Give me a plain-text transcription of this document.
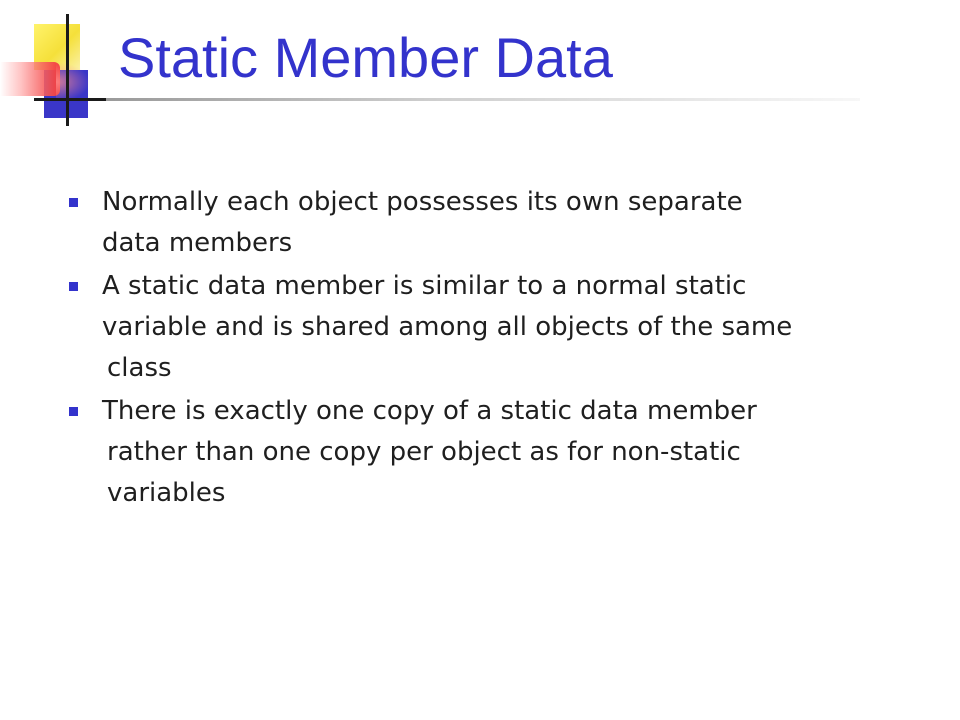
Static Member Data
Normally each object possesses its own separate
data members
A static data member is similar to a normal static
variable and is shared among all objects of the same
class
There is exactly one copy of a static data member
rather than one copy per object as for non-static
variables
